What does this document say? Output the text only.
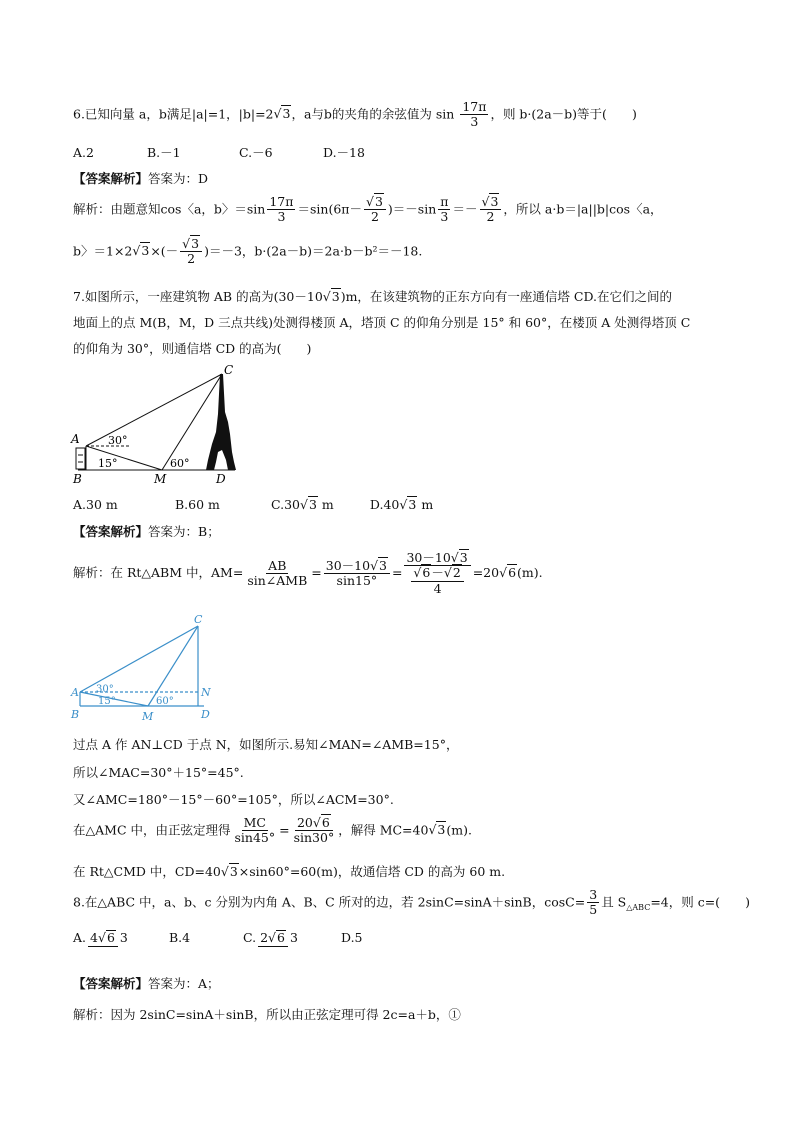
6.已知向量 a，b满足|a|=1，|b|=2√3，a与b的夹角的余弦值为 $\sin \frac{17\pi}{3}$ ，则 b·(2a－b)等于(　　)
A.2	B.－1	C.－6	D.－18
【答案解析】答案为：D
解析：由题意知cos〈a，b〉$=\sin \frac{17\pi}{3} =\sin(6\pi- \frac{√3}{2} )=-\sin \frac{\pi}{3} =- \frac{√3}{2}$ ，所以 a·b＝|a||b|cos〈a，
b〉$=1\times 2√3\times(- \frac{√3}{2} )=-3$，b·(2a－b)＝2a·b－b²＝－18.
7.如图所示，一座建筑物 AB 的高为(30－10√3)m，在该建筑物的正东方向有一座通信塔 CD.在它们之间的
地面上的点 M(B，M，D 三点共线)处测得楼顶 A，塔顶 C 的仰角分别是 15° 和 60°，在楼顶 A 处测得塔顶 C
的仰角为 30°，则通信塔 CD 的高为(　　)
C
A
B	M	D
30°
15°	60°
A.30 m	B.60 m	C.30√3 m	D.40√3 m
【答案解析】答案为：B；
解析：在 Rt△ABM 中，$AM= \frac{AB}{\text{sin∠AMB}} = \frac{30-10√3}{\sin 15^\circ} = \frac{30-10√3}{\frac{√6-√2}{4}} =20√6(m)$.
C
A
B	M	D
N
30°
15°	60°
过点 A 作 AN⊥CD 于点 N，如图所示.易知∠MAN=∠AMB=15°，
所以∠MAC=30°＋15°=45°.
又∠AMC=180°－15°－60°=105°，所以∠ACM=30°.
在△AMC 中，由正弦定理得 $\frac{MC}{\sin 45^\circ} = \frac{20√6}{\sin 30^\circ}$ ，解得 MC=40√3(m).
在 Rt△CMD 中，CD=40√3×sin60°=60(m)，故通信塔 CD 的高为 60 m.
8.在△ABC 中，a、b、c 分别为内角 A、B、C 所对的边，若 2sinC=sinA＋sinB，$\cos C= \frac{3}{5}$ 且 $S_{\triangle ABC}=4$，则 c=(　　)
A. 4√6 3	B.4	C. 2√6 3	D.5
【答案解析】答案为：A；
解析：因为 2sinC=sinA＋sinB，所以由正弦定理可得 2c=a＋b，①
